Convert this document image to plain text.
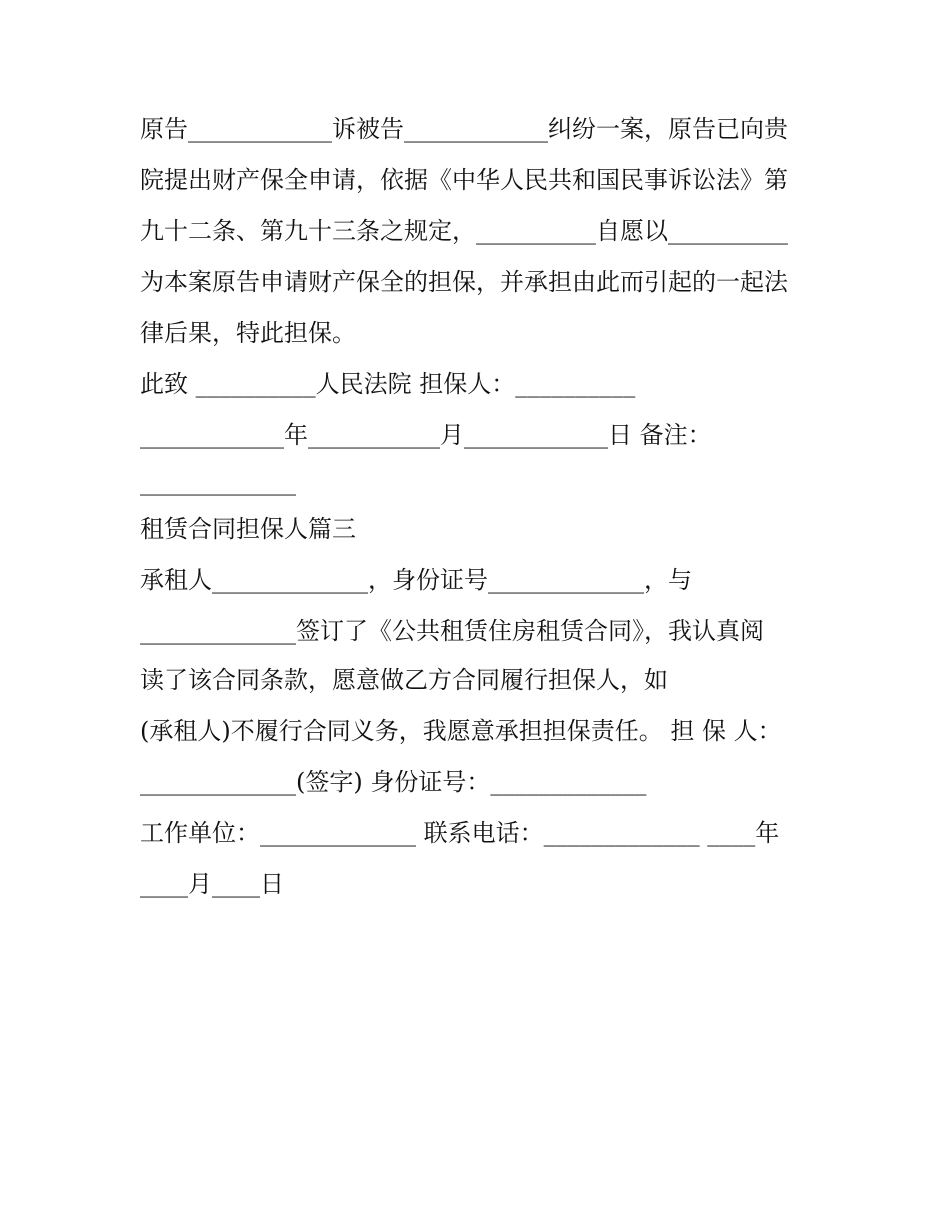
原告____________诉被告____________纠纷一案，原告已向贵
院提出财产保全申请，依据《中华人民共和国民事诉讼法》第
九十二条、第九十三条之规定，__________自愿以__________
为本案原告申请财产保全的担保，并承担由此而引起的一起法
律后果，特此担保。
此致 __________人民法院 担保人：__________
____________年___________月____________日 备注：
_____________
租赁合同担保人篇三
承租人_____________，身份证号_____________，与
_____________签订了《公共租赁住房租赁合同》，我认真阅
读了该合同条款，愿意做乙方合同履行担保人，如
(承租人)不履行合同义务，我愿意承担担保责任。 担 保 人：
_____________(签字) 身份证号：_____________
工作单位：_____________ 联系电话：_____________ ____年
____月____日
